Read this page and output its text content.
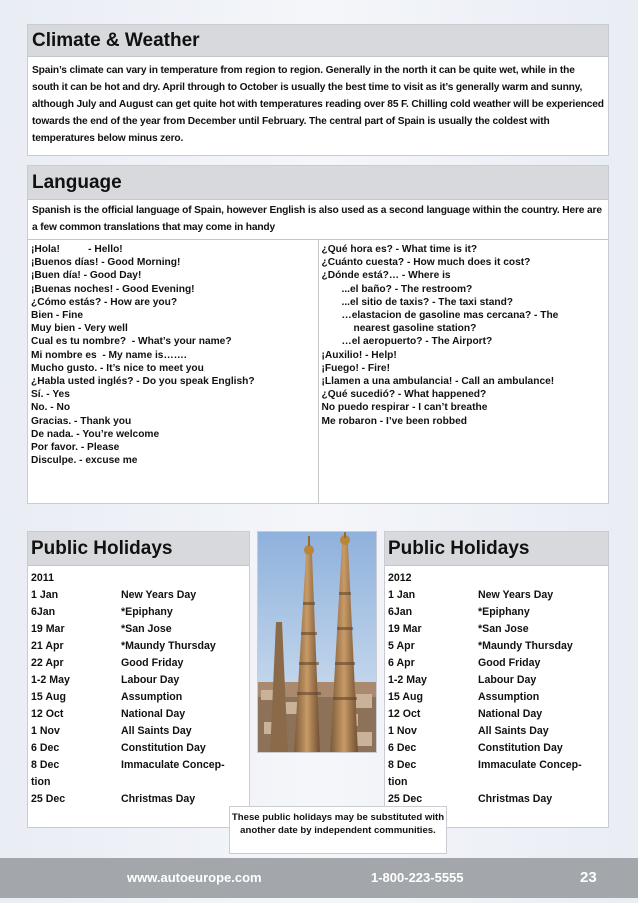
Climate & Weather
Spain’s climate can vary in temperature from region to region. Generally in the north it can be quite wet, while in the south it can be hot and dry. April through to October is usually the best time to visit as it’s generally warm and sunny, although July and August can get quite hot with temperatures reading over 85 F. Chilling cold weather will be experienced towards the end of the year from December until February. The central part of Spain is usually the coldest with temperatures below minus zero.
Language
Spanish is the official language of Spain, however English is also used as a second language within the country. Here are a few common translations that may come in handy
¡Hola!          - Hello!
¡Buenos días! - Good Morning!
¡Buen día! - Good Day!
¡Buenas noches! - Good Evening!
¿Cómo estás? - How are you?
Bien - Fine
Muy bien - Very well
Cual es tu nombre?  - What’s your name?
Mi nombre es  - My name is…….
Mucho gusto. - It’s nice to meet you
¿Habla usted inglés? - Do you speak English?
Sí. - Yes
No. - No
Gracias. - Thank you
De nada. - You’re welcome
Por favor. - Please
Disculpe. - excuse me
¿Qué hora es? - What time is it?
¿Cuánto cuesta? - How much does it cost?
¿Dónde está?… - Where is
...el baño? - The restroom?
...el sitio de taxis? - The taxi stand?
…elastacion de gasoline mas cercana? - The
nearest gasoline station?
…el aeropuerto? - The Airport?
¡Auxilio! - Help!
¡Fuego! - Fire!
¡Llamen a una ambulancia! - Call an ambulance!
¿Qué sucedió? - What happened?
No puedo respirar - I can’t breathe
Me robaron - I’ve been robbed
Public Holidays
2011
1 Jan	New Years Day
6Jan	*Epiphany
19 Mar	*San Jose
21 Apr	*Maundy Thursday
22 Apr	Good Friday
1-2 May	Labour Day
15 Aug	Assumption
12 Oct	National Day
1 Nov	All Saints Day
6 Dec	Constitution Day
8 Dec	Immaculate Concep-
tion
25 Dec	Christmas Day
Public Holidays
2012
1 Jan	New Years Day
6Jan	*Epiphany
19 Mar	*San Jose
5 Apr	*Maundy Thursday
6 Apr	Good Friday
1-2 May	Labour Day
15 Aug	Assumption
12 Oct	National Day
1 Nov	All Saints Day
6 Dec	Constitution Day
8 Dec	Immaculate Concep-
tion
25 Dec	Christmas Day
These public holidays may be substituted with another date by independent communities.
www.autoeurope.com	1-800-223-5555	23
